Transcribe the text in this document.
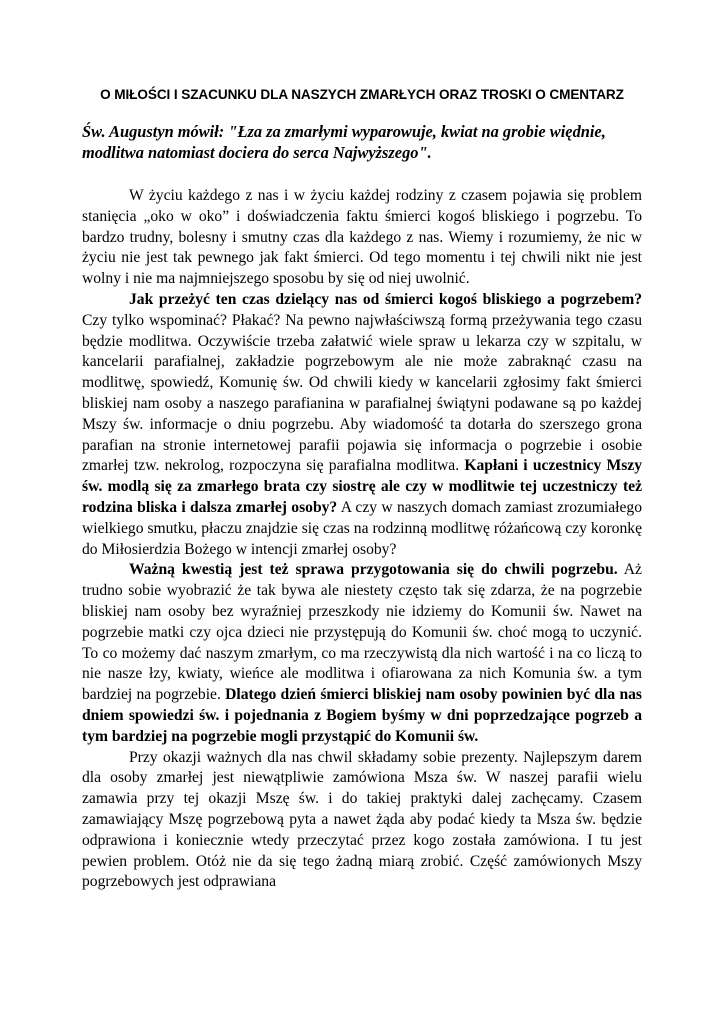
O MIŁOŚCI I SZACUNKU DLA NASZYCH ZMARŁYCH ORAZ TROSKI O CMENTARZ
Św. Augustyn mówił: "Łza za zmarłymi wyparowuje, kwiat na grobie więdnie, modlitwa natomiast dociera do serca Najwyższego".

W życiu każdego z nas i w życiu każdej rodziny z czasem pojawia się problem stanięcia „oko w oko” i doświadczenia faktu śmierci kogoś bliskiego i pogrzebu. To bardzo trudny, bolesny i smutny czas dla każdego z nas. Wiemy i rozumiemy, że nic w życiu nie jest tak pewnego jak fakt śmierci. Od tego momentu i tej chwili nikt nie jest wolny i nie ma najmniejszego sposobu by się od niej uwolnić.

Jak przeżyć ten czas dzielący nas od śmierci kogoś bliskiego a pogrzebem? Czy tylko wspominać? Płakać? Na pewno najwłaściwszą formą przeżywania tego czasu będzie modlitwa. Oczywiście trzeba załatwić wiele spraw u lekarza czy w szpitalu, w kancelarii parafialnej, zakładzie pogrzebowym ale nie może zabraknąć czasu na modlitwę, spowiedź, Komunię św. Od chwili kiedy w kancelarii zgłosimy fakt śmierci bliskiej nam osoby a naszego parafianina w parafialnej świątyni podawane są po każdej Mszy św. informacje o dniu pogrzebu. Aby wiadomość ta dotarła do szerszego grona parafian na stronie internetowej parafii pojawia się informacja o pogrzebie i osobie zmarłej tzw. nekrolog, rozpoczyna się parafialna modlitwa. Kapłani i uczestnicy Mszy św. modlą się za zmarłego brata czy siostrę ale czy w modlitwie tej uczestniczy też rodzina bliska i dalsza zmarłej osoby? A czy w naszych domach zamiast zrozumiałego wielkiego smutku, płaczu znajdzie się czas na rodzinną modlitwę różańcową czy koronkę do Miłosierdzia Bożego w intencji zmarłej osoby?

Ważną kwestią jest też sprawa przygotowania się do chwili pogrzebu. Aż trudno sobie wyobrazić że tak bywa ale niestety często tak się zdarza, że na pogrzebie bliskiej nam osoby bez wyraźniej przeszkody nie idziemy do Komunii św. Nawet na pogrzebie matki czy ojca dzieci nie przystępują do Komunii św. choć mogą to uczynić. To co możemy dać naszym zmarłym, co ma rzeczywistą dla nich wartość i na co liczą to nie nasze łzy, kwiaty, wieńce ale modlitwa i ofiarowana za nich Komunia św. a tym bardziej na pogrzebie. Dlatego dzień śmierci bliskiej nam osoby powinien być dla nas dniem spowiedzi św. i pojednania z Bogiem byśmy w dni poprzedzające pogrzeb a tym bardziej na pogrzebie mogli przystąpić do Komunii św.

Przy okazji ważnych dla nas chwil składamy sobie prezenty. Najlepszym darem dla osoby zmarłej jest niewątpliwie zamówiona Msza św. W naszej parafii wielu zamawia przy tej okazji Mszę św. i do takiej praktyki dalej zachęcamy. Czasem zamawiający Mszę pogrzebową pyta a nawet żąda aby podać kiedy ta Msza św. będzie odprawiona i koniecznie wtedy przeczytać przez kogo została zamówiona. I tu jest pewien problem. Otóż nie da się tego żadną miarą zrobić. Część zamówionych Mszy pogrzebowych jest odprawiana
